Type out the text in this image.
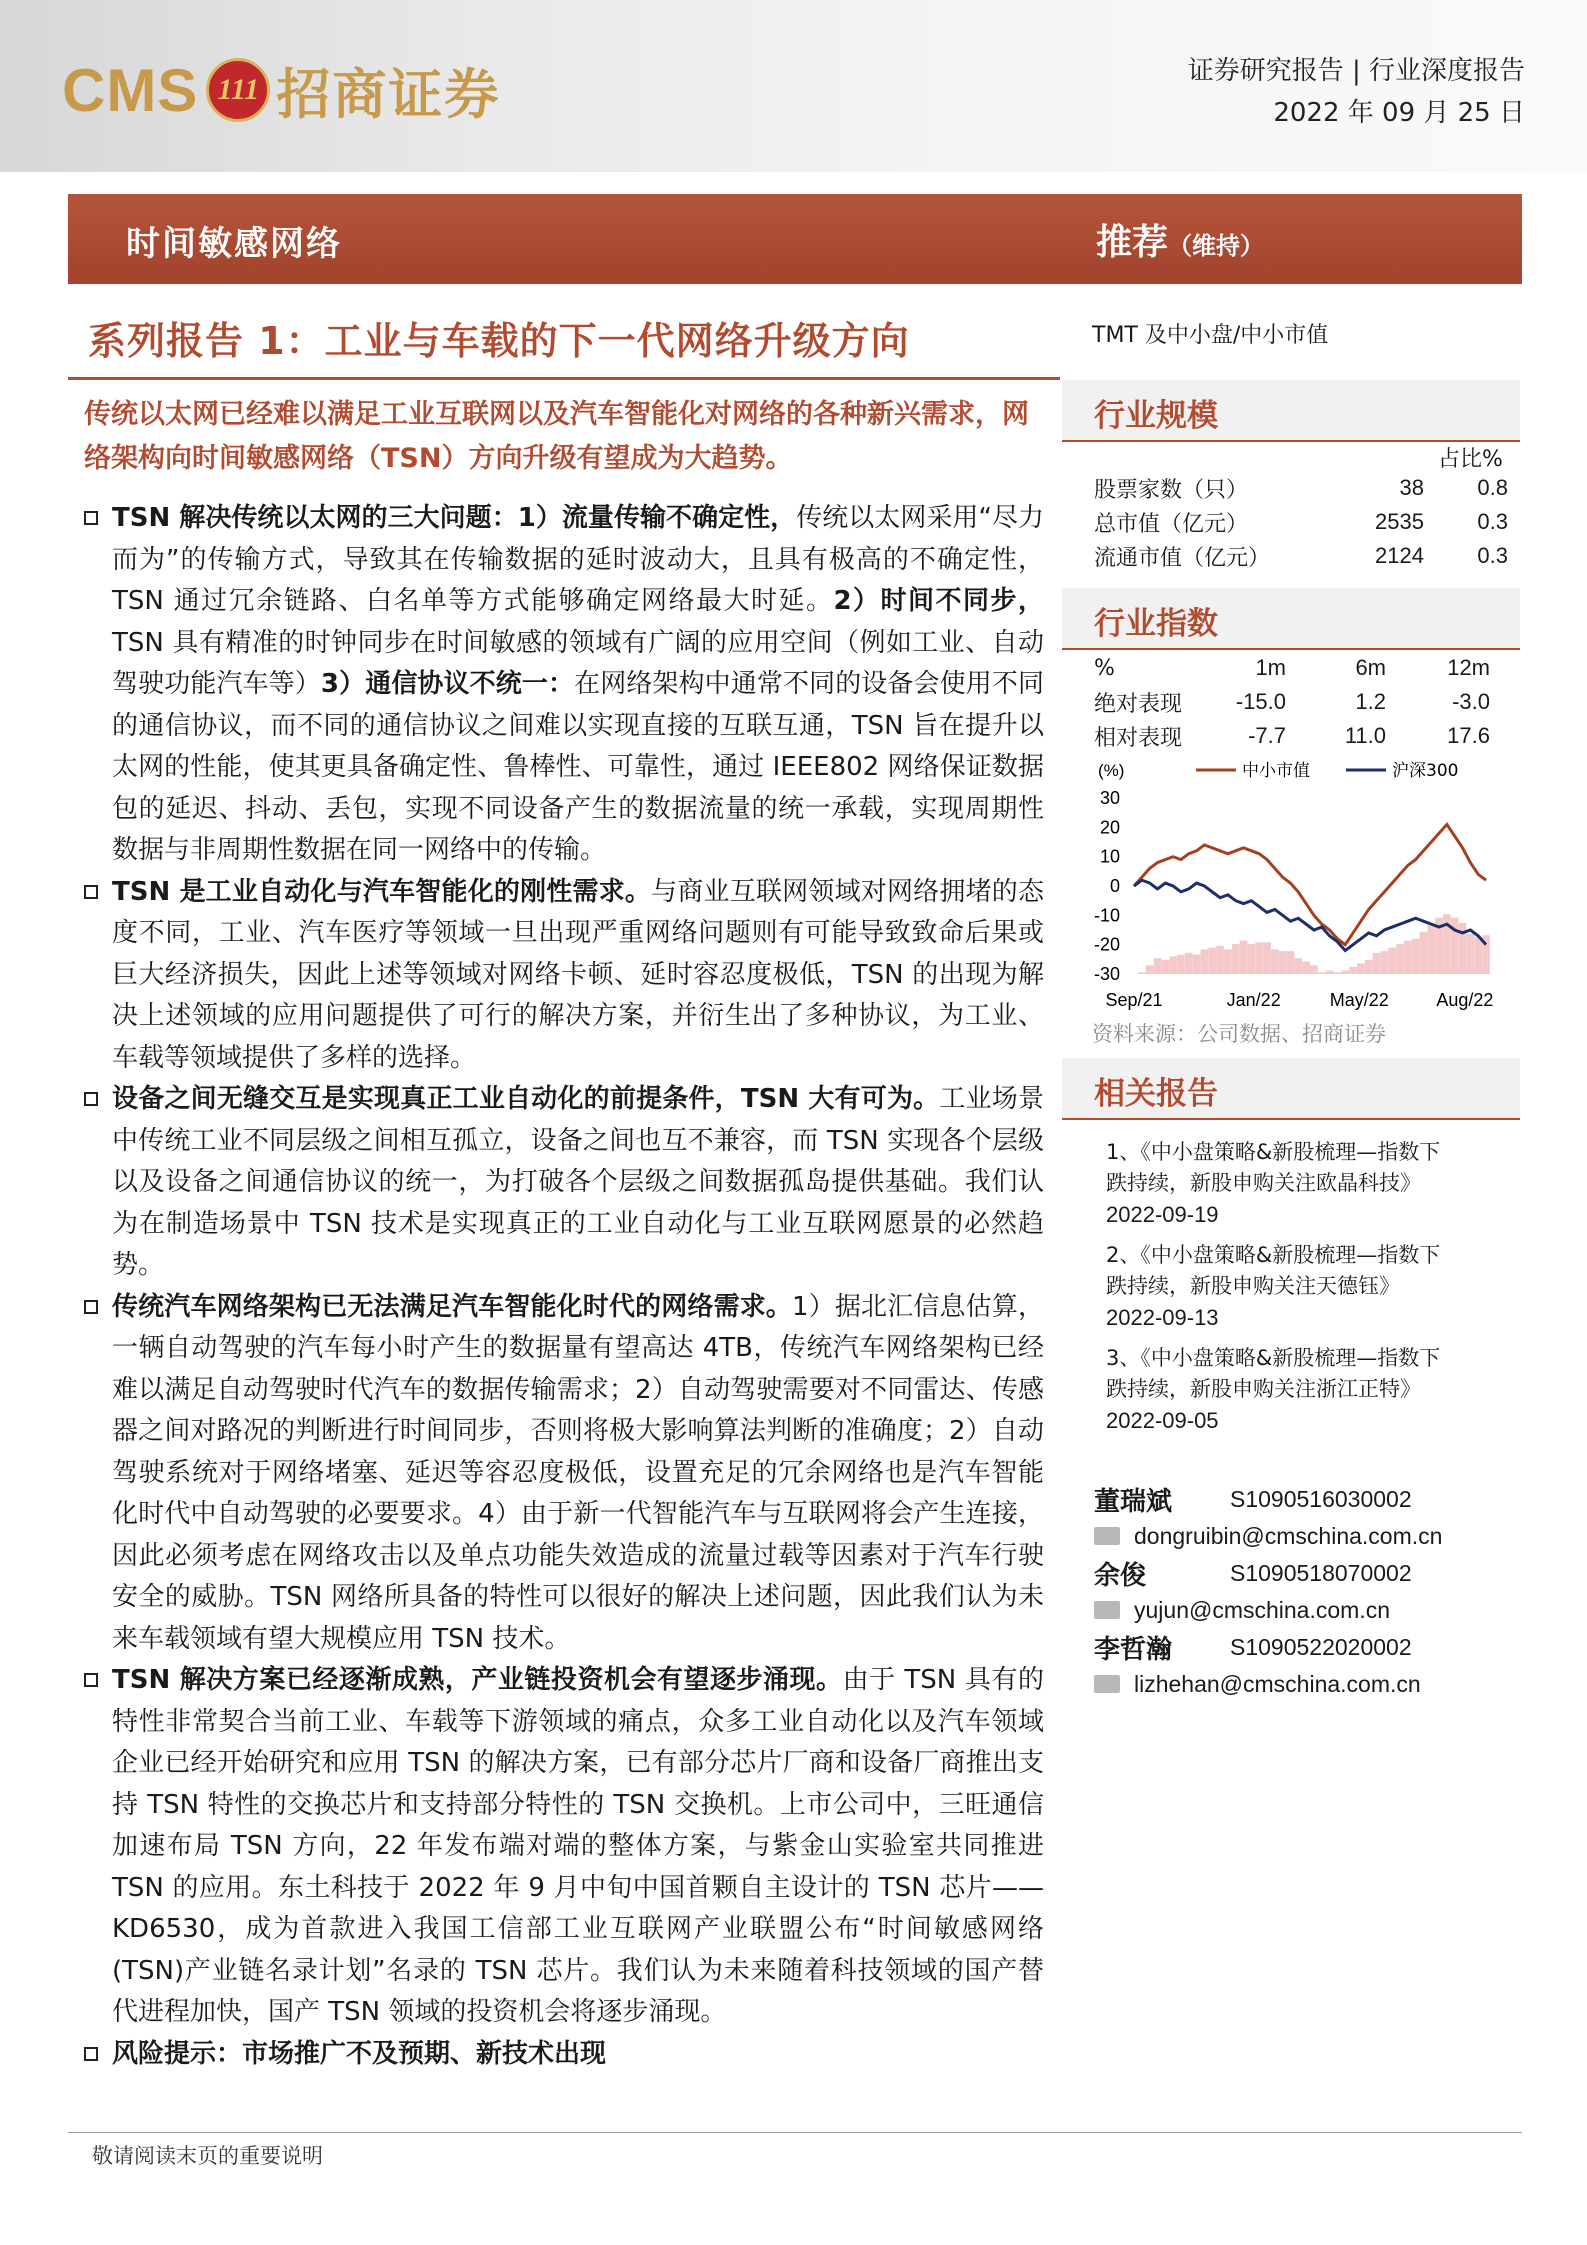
CMS 111 招商证券	证券研究报告 | 行业深度报告
2022 年 09 月 25 日
时间敏感网络	推荐（维持）
系列报告 1：工业与车载的下一代网络升级方向
传统以太网已经难以满足工业互联网以及汽车智能化对网络的各种新兴需求，网络架构向时间敏感网络（TSN）方向升级有望成为大趋势。

TSN 解决传统以太网的三大问题：1）流量传输不确定性，传统以太网采用“尽力而为”的传输方式，导致其在传输数据的延时波动大，且具有极高的不确定性，TSN 通过冗余链路、白名单等方式能够确定网络最大时延。2）时间不同步，TSN 具有精准的时钟同步在时间敏感的领域有广阔的应用空间（例如工业、自动驾驶功能汽车等）3）通信协议不统一：在网络架构中通常不同的设备会使用不同的通信协议，而不同的通信协议之间难以实现直接的互联互通，TSN 旨在提升以太网的性能，使其更具备确定性、鲁棒性、可靠性，通过 IEEE802 网络保证数据包的延迟、抖动、丢包，实现不同设备产生的数据流量的统一承载，实现周期性数据与非周期性数据在同一网络中的传输。

TSN 是工业自动化与汽车智能化的刚性需求。与商业互联网领域对网络拥堵的态度不同，工业、汽车医疗等领域一旦出现严重网络问题则有可能导致致命后果或巨大经济损失，因此上述等领域对网络卡顿、延时容忍度极低，TSN 的出现为解决上述领域的应用问题提供了可行的解决方案，并衍生出了多种协议，为工业、车载等领域提供了多样的选择。

设备之间无缝交互是实现真正工业自动化的前提条件，TSN 大有可为。工业场景中传统工业不同层级之间相互孤立，设备之间也互不兼容，而 TSN 实现各个层级以及设备之间通信协议的统一，为打破各个层级之间数据孤岛提供基础。我们认为在制造场景中 TSN 技术是实现真正的工业自动化与工业互联网愿景的必然趋势。

传统汽车网络架构已无法满足汽车智能化时代的网络需求。1）据北汇信息估算，一辆自动驾驶的汽车每小时产生的数据量有望高达 4TB，传统汽车网络架构已经难以满足自动驾驶时代汽车的数据传输需求；2）自动驾驶需要对不同雷达、传感器之间对路况的判断进行时间同步，否则将极大影响算法判断的准确度；2）自动驾驶系统对于网络堵塞、延迟等容忍度极低，设置充足的冗余网络也是汽车智能化时代中自动驾驶的必要要求。4）由于新一代智能汽车与互联网将会产生连接，因此必须考虑在网络攻击以及单点功能失效造成的流量过载等因素对于汽车行驶安全的威胁。TSN 网络所具备的特性可以很好的解决上述问题，因此我们认为未来车载领域有望大规模应用 TSN 技术。

TSN 解决方案已经逐渐成熟，产业链投资机会有望逐步涌现。由于 TSN 具有的特性非常契合当前工业、车载等下游领域的痛点，众多工业自动化以及汽车领域企业已经开始研究和应用 TSN 的解决方案，已有部分芯片厂商和设备厂商推出支持 TSN 特性的交换芯片和支持部分特性的 TSN 交换机。上市公司中，三旺通信加速布局 TSN 方向，22 年发布端对端的整体方案，与紫金山实验室共同推进 TSN 的应用。东土科技于 2022 年 9 月中旬中国首颗自主设计的 TSN 芯片——KD6530，成为首款进入我国工信部工业互联网产业联盟公布“时间敏感网络(TSN)产业链名录计划”名录的 TSN 芯片。我们认为未来随着科技领域的国产替代进程加快，国产 TSN 领域的投资机会将逐步涌现。

风险提示：市场推广不及预期、新技术出现

TMT 及中小盘/中小市值
行业规模
占比%
股票家数（只）	38	0.8
总市值（亿元）	2535	0.3
流通市值（亿元）	2124	0.3
行业指数
%	1m	6m	12m
绝对表现	-15.0	1.2	-3.0
相对表现	-7.7	11.0	17.6
(%)	中小市值	沪深300
30
20
10
0
-10
-20
-30
Sep/21	Jan/22	May/22	Aug/22
资料来源：公司数据、招商证券
相关报告
1、《中小盘策略&新股梳理—指数下
跌持续，新股申购关注欧晶科技》
2022-09-19
2、《中小盘策略&新股梳理—指数下
跌持续，新股申购关注天德钰》
2022-09-13
3、《中小盘策略&新股梳理—指数下
跌持续，新股申购关注浙江正特》
2022-09-05
董瑞斌	S1090516030002
dongruibin@cmschina.com.cn
余俊	S1090518070002
yujun@cmschina.com.cn
李哲瀚	S1090522020002
lizhehan@cmschina.com.cn
敬请阅读末页的重要说明
